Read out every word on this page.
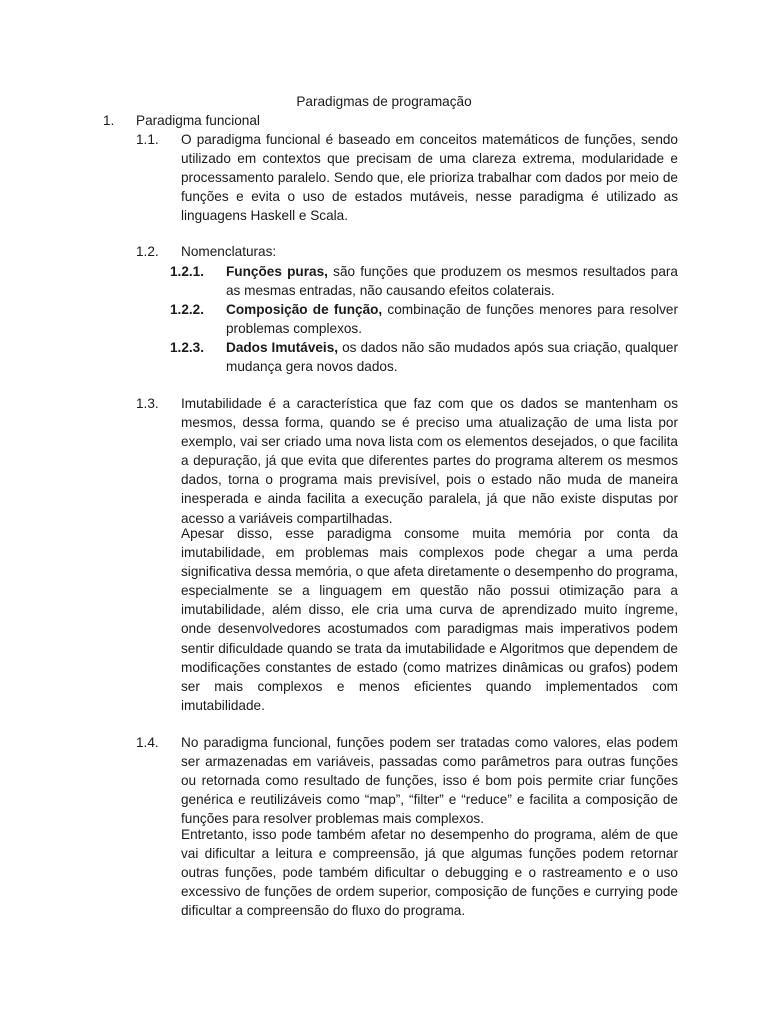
Paradigmas de programação
1. Paradigma funcional
1.1. O paradigma funcional é baseado em conceitos matemáticos de funções, sendo utilizado em contextos que precisam de uma clareza extrema, modularidade e processamento paralelo. Sendo que, ele prioriza trabalhar com dados por meio de funções e evita o uso de estados mutáveis, nesse paradigma é utilizado as linguagens Haskell e Scala.
1.2. Nomenclaturas:
1.2.1. Funções puras, são funções que produzem os mesmos resultados para as mesmas entradas, não causando efeitos colaterais.
1.2.2. Composição de função, combinação de funções menores para resolver problemas complexos.
1.2.3. Dados Imutáveis, os dados não são mudados após sua criação, qualquer mudança gera novos dados.
1.3. Imutabilidade é a característica que faz com que os dados se mantenham os mesmos, dessa forma, quando se é preciso uma atualização de uma lista por exemplo, vai ser criado uma nova lista com os elementos desejados, o que facilita a depuração, já que evita que diferentes partes do programa alterem os mesmos dados, torna o programa mais previsível, pois o estado não muda de maneira inesperada e ainda facilita a execução paralela, já que não existe disputas por acesso a variáveis compartilhadas.
Apesar disso, esse paradigma consome muita memória por conta da imutabilidade, em problemas mais complexos pode chegar a uma perda significativa dessa memória, o que afeta diretamente o desempenho do programa, especialmente se a linguagem em questão não possui otimização para a imutabilidade, além disso, ele cria uma curva de aprendizado muito íngreme, onde desenvolvedores acostumados com paradigmas mais imperativos podem sentir dificuldade quando se trata da imutabilidade e Algoritmos que dependem de modificações constantes de estado (como matrizes dinâmicas ou grafos) podem ser mais complexos e menos eficientes quando implementados com imutabilidade.
1.4. No paradigma funcional, funções podem ser tratadas como valores, elas podem ser armazenadas em variáveis, passadas como parâmetros para outras funções ou retornada como resultado de funções, isso é bom pois permite criar funções genérica e reutilizáveis como “map”, “filter” e “reduce” e facilita a composição de funções para resolver problemas mais complexos.
Entretanto, isso pode também afetar no desempenho do programa, além de que vai dificultar a leitura e compreensão, já que algumas funções podem retornar outras funções, pode também dificultar o debugging e o rastreamento e o uso excessivo de funções de ordem superior, composição de funções e currying pode dificultar a compreensão do fluxo do programa.
